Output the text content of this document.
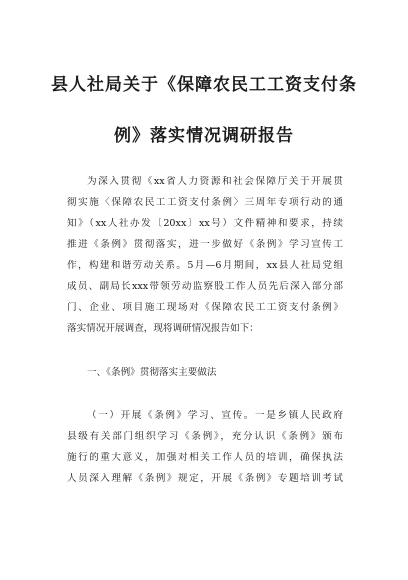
县人社局关于《保障农民工工资支付条
例》落实情况调研报告
为深入贯彻《xx省人力资源和社会保障厅关于开展贯
彻实施〈保障农民工工资支付条例〉三周年专项行动的通
知》（xx人社办发〔20xx〕xx号）文件精神和要求，持续
推进《条例》贯彻落实，进一步做好《条例》学习宣传工
作，构建和谐劳动关系。5月—6月期间，xx县人社局党组
成员、副局长xxx带领劳动监察股工作人员先后深入部分部
门、企业、项目施工现场对《保障农民工工资支付条例》
落实情况开展调查，现将调研情况报告如下：
一、《条例》贯彻落实主要做法
（一）开展《条例》学习、宣传。一是乡镇人民政府
县级有关部门组织学习《条例》，充分认识《条例》颁布
施行的重大意义，加强对相关工作人员的培训，确保执法
人员深入理解《条例》规定，开展《条例》专题培训考试
